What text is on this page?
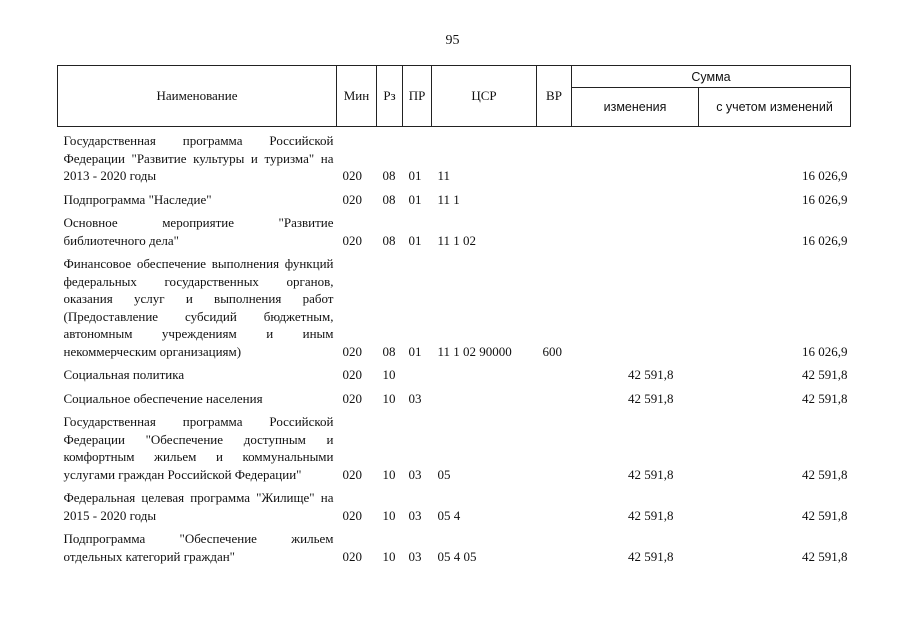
95
Наименование	Мин	Рз	ПР	ЦСР	ВР	Сумма	
						изменения	с учетом изменений
Государственная программа Российской Федерации "Развитие культуры и туризма" на 2013 - 2020 годы	020	08	01	11			16 026,9
Подпрограмма "Наследие"	020	08	01	11 1			16 026,9
Основное мероприятие "Развитие библиотечного дела"	020	08	01	11 1 02			16 026,9
Финансовое обеспечение выполнения функций федеральных государственных органов, оказания услуг и выполнения работ (Предоставление субсидий бюджетным, автономным учреждениям и иным некоммерческим организациям)	020	08	01	11 1 02 90000	600		16 026,9
Социальная политика	020	10				42 591,8	42 591,8
Социальное обеспечение населения	020	10	03			42 591,8	42 591,8
Государственная программа Российской Федерации "Обеспечение доступным и комфортным жильем и коммунальными услугами граждан Российской Федерации"	020	10	03	05		42 591,8	42 591,8
Федеральная целевая программа "Жилище" на 2015 - 2020 годы	020	10	03	05 4		42 591,8	42 591,8
Подпрограмма "Обеспечение жильем отдельных категорий граждан"	020	10	03	05 4 05		42 591,8	42 591,8
